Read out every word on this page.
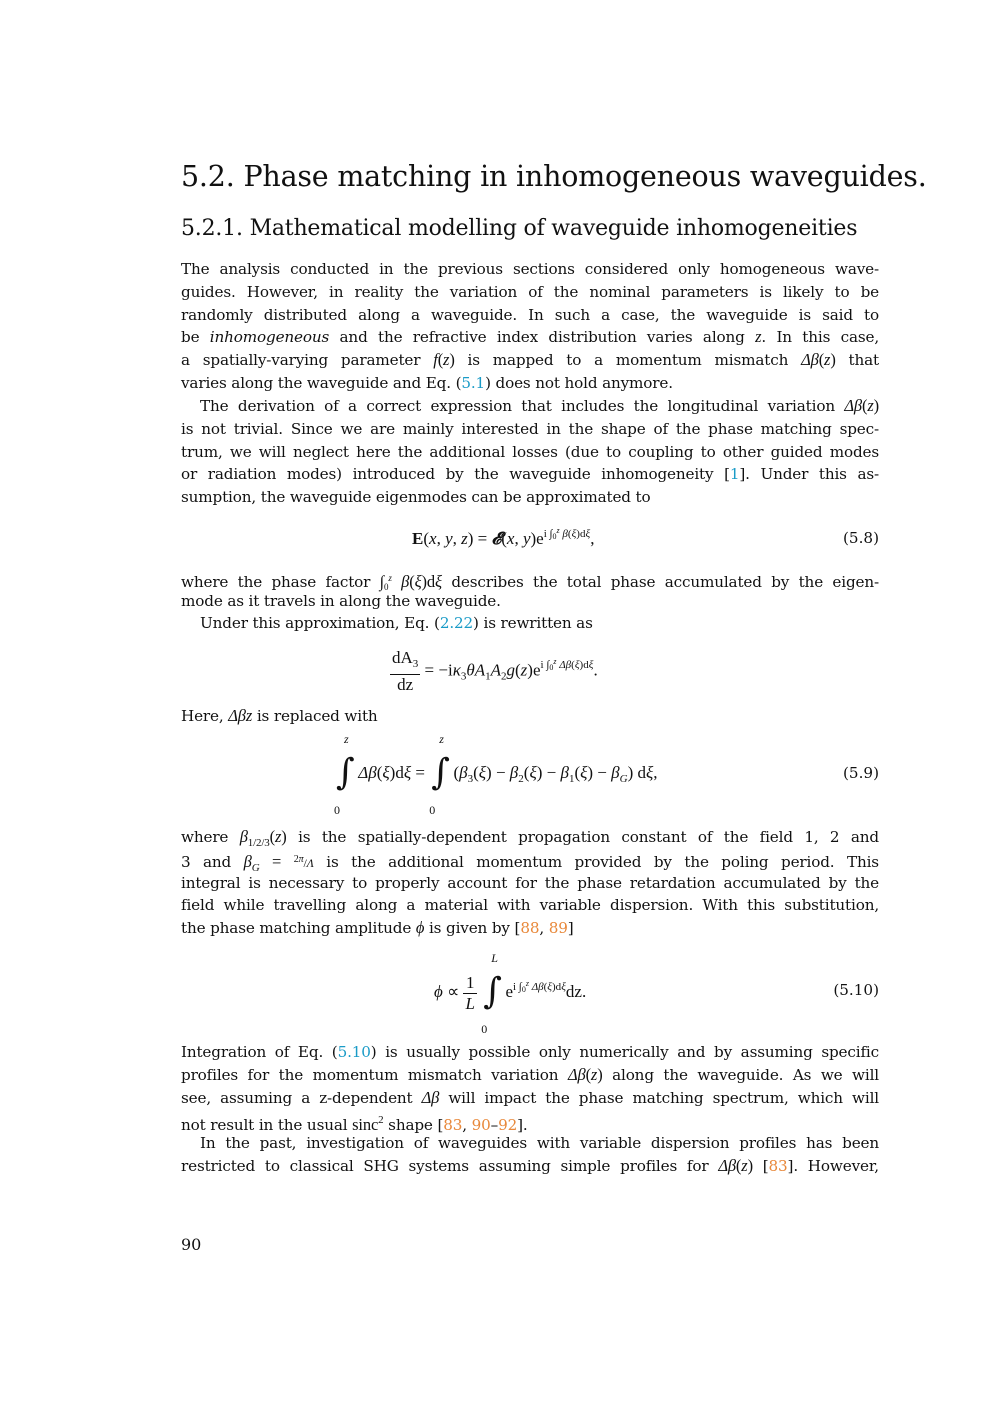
5.2. Phase matching in inhomogeneous waveguides.
5.2.1. Mathematical modelling of waveguide inhomogeneities
The analysis conducted in the previous sections considered only homogeneous wave-
guides. However, in reality the variation of the nominal parameters is likely to be
randomly distributed along a waveguide. In such a case, the waveguide is said to
be inhomogeneous and the refractive index distribution varies along z. In this case,
a spatially-varying parameter f(z) is mapped to a momentum mismatch Δβ(z) that
varies along the waveguide and Eq. (5.1) does not hold anymore.
The derivation of a correct expression that includes the longitudinal variation Δβ(z)
is not trivial. Since we are mainly interested in the shape of the phase matching spec-
trum, we will neglect here the additional losses (due to coupling to other guided modes
or radiation modes) introduced by the waveguide inhomogeneity [1]. Under this as-
sumption, the waveguide eigenmodes can be approximated to
E(x, y, z) = 𝓔(x, $y)e^{i \int 0^z \beta(\xi)d\xi}$,	(5.8)
where the phase factor ∫0$^z$ β(ξ)dξ describes the total phase accumulated by the eigen-
mode as it travels in along the waveguide.
Under this approximation, Eq. (2.22) is rewritten as
$\frac{dA_3}{dz} = -i\kappa_3\theta A_1A_2g(z)e^{i \int 0^z \Delta\beta(\xi)d\xi}$.
Here, Δβz is replaced with
∫
z
0
Δβ(ξ)dξ = ∫
z
0
$(\beta_3(\xi) - \beta_2(\xi) - \beta_1(\xi) - \beta_G)$ dξ,	(5.9)
where $\beta_{1/2/3}(z)$ is the spatially-dependent propagation constant of the field 1, 2 and
3 and $\beta_G = ^{2\pi}/\Lambda$ is the additional momentum provided by the poling period. This
integral is necessary to properly account for the phase retardation accumulated by the
field while travelling along a material with variable dispersion. With this substitution,
the phase matching amplitude ϕ is given by [88, 89]
$\phi \propto \frac{1}{L}$
∫
L
0
$e^{i \int 0^z \Delta\beta(\xi)d\xi}dz$.	(5.10)
Integration of Eq. (5.10) is usually possible only numerically and by assuming specific
profiles for the momentum mismatch variation Δβ(z) along the waveguide. As we will
see, assuming a z-dependent Δβ will impact the phase matching spectrum, which will
not result in the usual sinc$^2$ shape [83, 90–92].
In the past, investigation of waveguides with variable dispersion profiles has been
restricted to classical SHG systems assuming simple profiles for Δβ(z) [83]. However,
90
